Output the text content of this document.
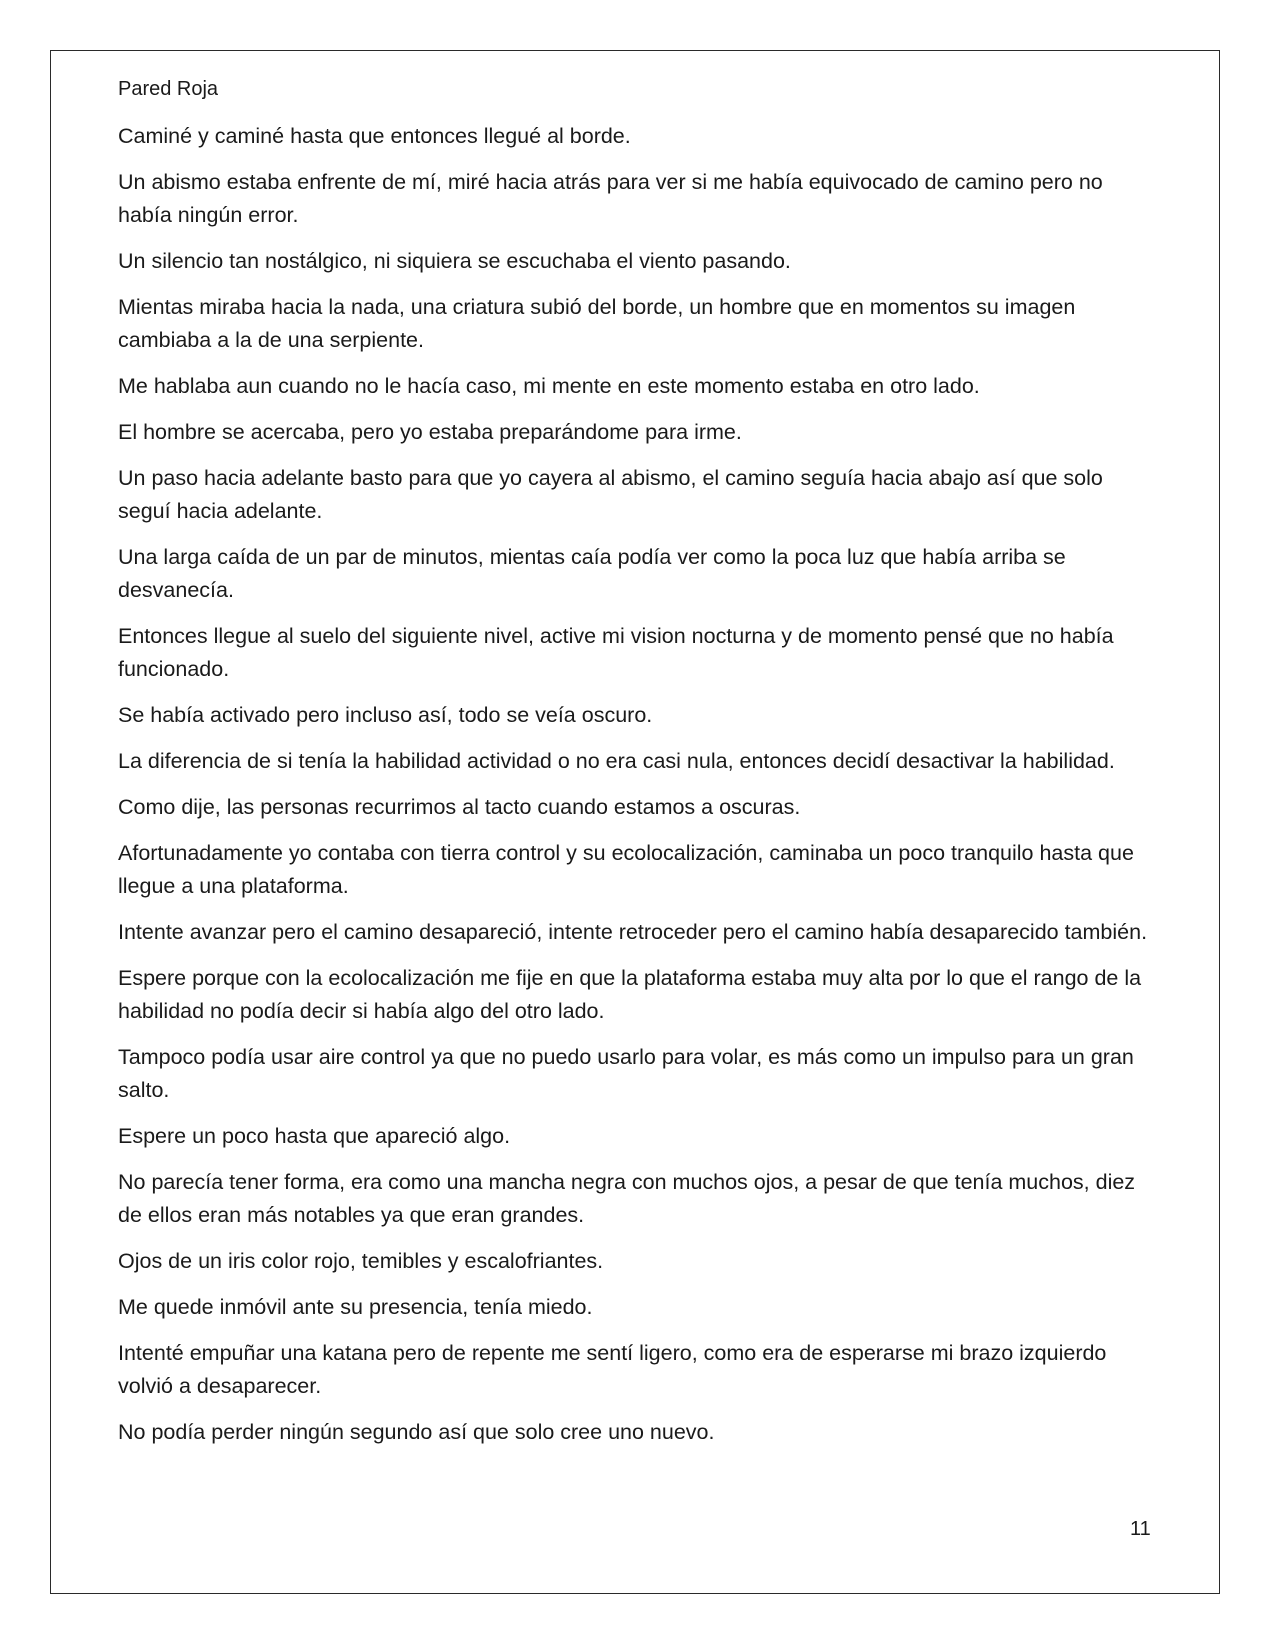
Pared Roja

Caminé y caminé hasta que entonces llegué al borde.

Un abismo estaba enfrente de mí, miré hacia atrás para ver si me había equivocado de camino pero no había ningún error.

Un silencio tan nostálgico, ni siquiera se escuchaba el viento pasando.

Mientas miraba hacia la nada, una criatura subió del borde, un hombre que en momentos su imagen cambiaba a la de una serpiente.

Me hablaba aun cuando no le hacía caso, mi mente en este momento estaba en otro lado.

El hombre se acercaba, pero yo estaba preparándome para irme.

Un paso hacia adelante basto para que yo cayera al abismo, el camino seguía hacia abajo así que solo seguí hacia adelante.

Una larga caída de un par de minutos, mientas caía podía ver como la poca luz que había arriba se desvanecía.

Entonces llegue al suelo del siguiente nivel, active mi vision nocturna y de momento pensé que no había funcionado.

Se había activado pero incluso así, todo se veía oscuro.

La diferencia de si tenía la habilidad actividad o no era casi nula, entonces decidí desactivar la habilidad.

Como dije, las personas recurrimos al tacto cuando estamos a oscuras.

Afortunadamente yo contaba con tierra control y su ecolocalización, caminaba un poco tranquilo hasta que llegue a una plataforma.

Intente avanzar pero el camino desapareció, intente retroceder pero el camino había desaparecido también.

Espere porque con la ecolocalización me fije en que la plataforma estaba muy alta por lo que el rango de la habilidad no podía decir si había algo del otro lado.

Tampoco podía usar aire control ya que no puedo usarlo para volar, es más como un impulso para un gran salto.

Espere un poco hasta que apareció algo.

No parecía tener forma, era como una mancha negra con muchos ojos, a pesar de que tenía muchos, diez de ellos eran más notables ya que eran grandes.

Ojos de un iris color rojo, temibles y escalofriantes.

Me quede inmóvil ante su presencia, tenía miedo.

Intenté empuñar una katana pero de repente me sentí ligero, como era de esperarse mi brazo izquierdo volvió a desaparecer.

No podía perder ningún segundo así que solo cree uno nuevo.

11
